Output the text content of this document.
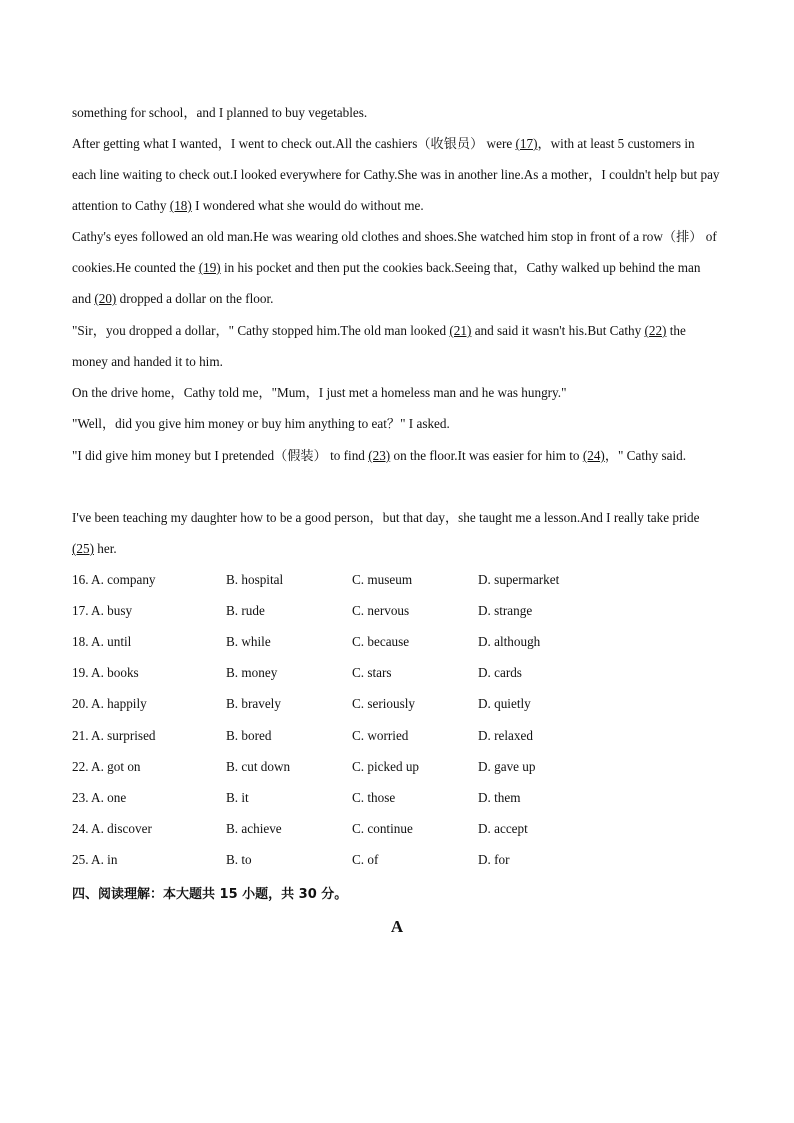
something for school，and I planned to buy vegetables.

After getting what I wanted，I went to check out.All the cashiers（收银员） were (17)，with at least 5 customers in each line waiting to check out.I looked everywhere for Cathy.She was in another line.As a mother，I couldn't help but pay attention to Cathy (18) I wondered what she would do without me.

Cathy's eyes followed an old man.He was wearing old clothes and shoes.She watched him stop in front of a row（排） of cookies.He counted the (19) in his pocket and then put the cookies back.Seeing that，Cathy walked up behind the man and (20) dropped a dollar on the floor.

"Sir，you dropped a dollar，" Cathy stopped him.The old man looked (21) and said it wasn't his.But Cathy (22) the money and handed it to him.

On the drive home，Cathy told me，"Mum，I just met a homeless man and he was hungry."

"Well，did you give him money or buy him anything to eat？" I asked.

"I did give him money but I pretended（假装） to find (23) on the floor.It was easier for him to (24)，" Cathy said.

I've been teaching my daughter how to be a good person，but that day，she taught me a lesson.And I really take pride (25) her.

16. A. company	B. hospital	C. museum	D. supermarket
17. A. busy	B. rude	C. nervous	D. strange
18. A. until	B. while	C. because	D. although
19. A. books	B. money	C. stars	D. cards
20. A. happily	B. bravely	C. seriously	D. quietly
21. A. surprised	B. bored	C. worried	D. relaxed
22. A. got on	B. cut down	C. picked up	D. gave up
23. A. one	B. it	C. those	D. them
24. A. discover	B. achieve	C. continue	D. accept
25. A. in	B. to	C. of	D. for
四、阅读理解：本大题共 15 小题，共 30 分。
A
